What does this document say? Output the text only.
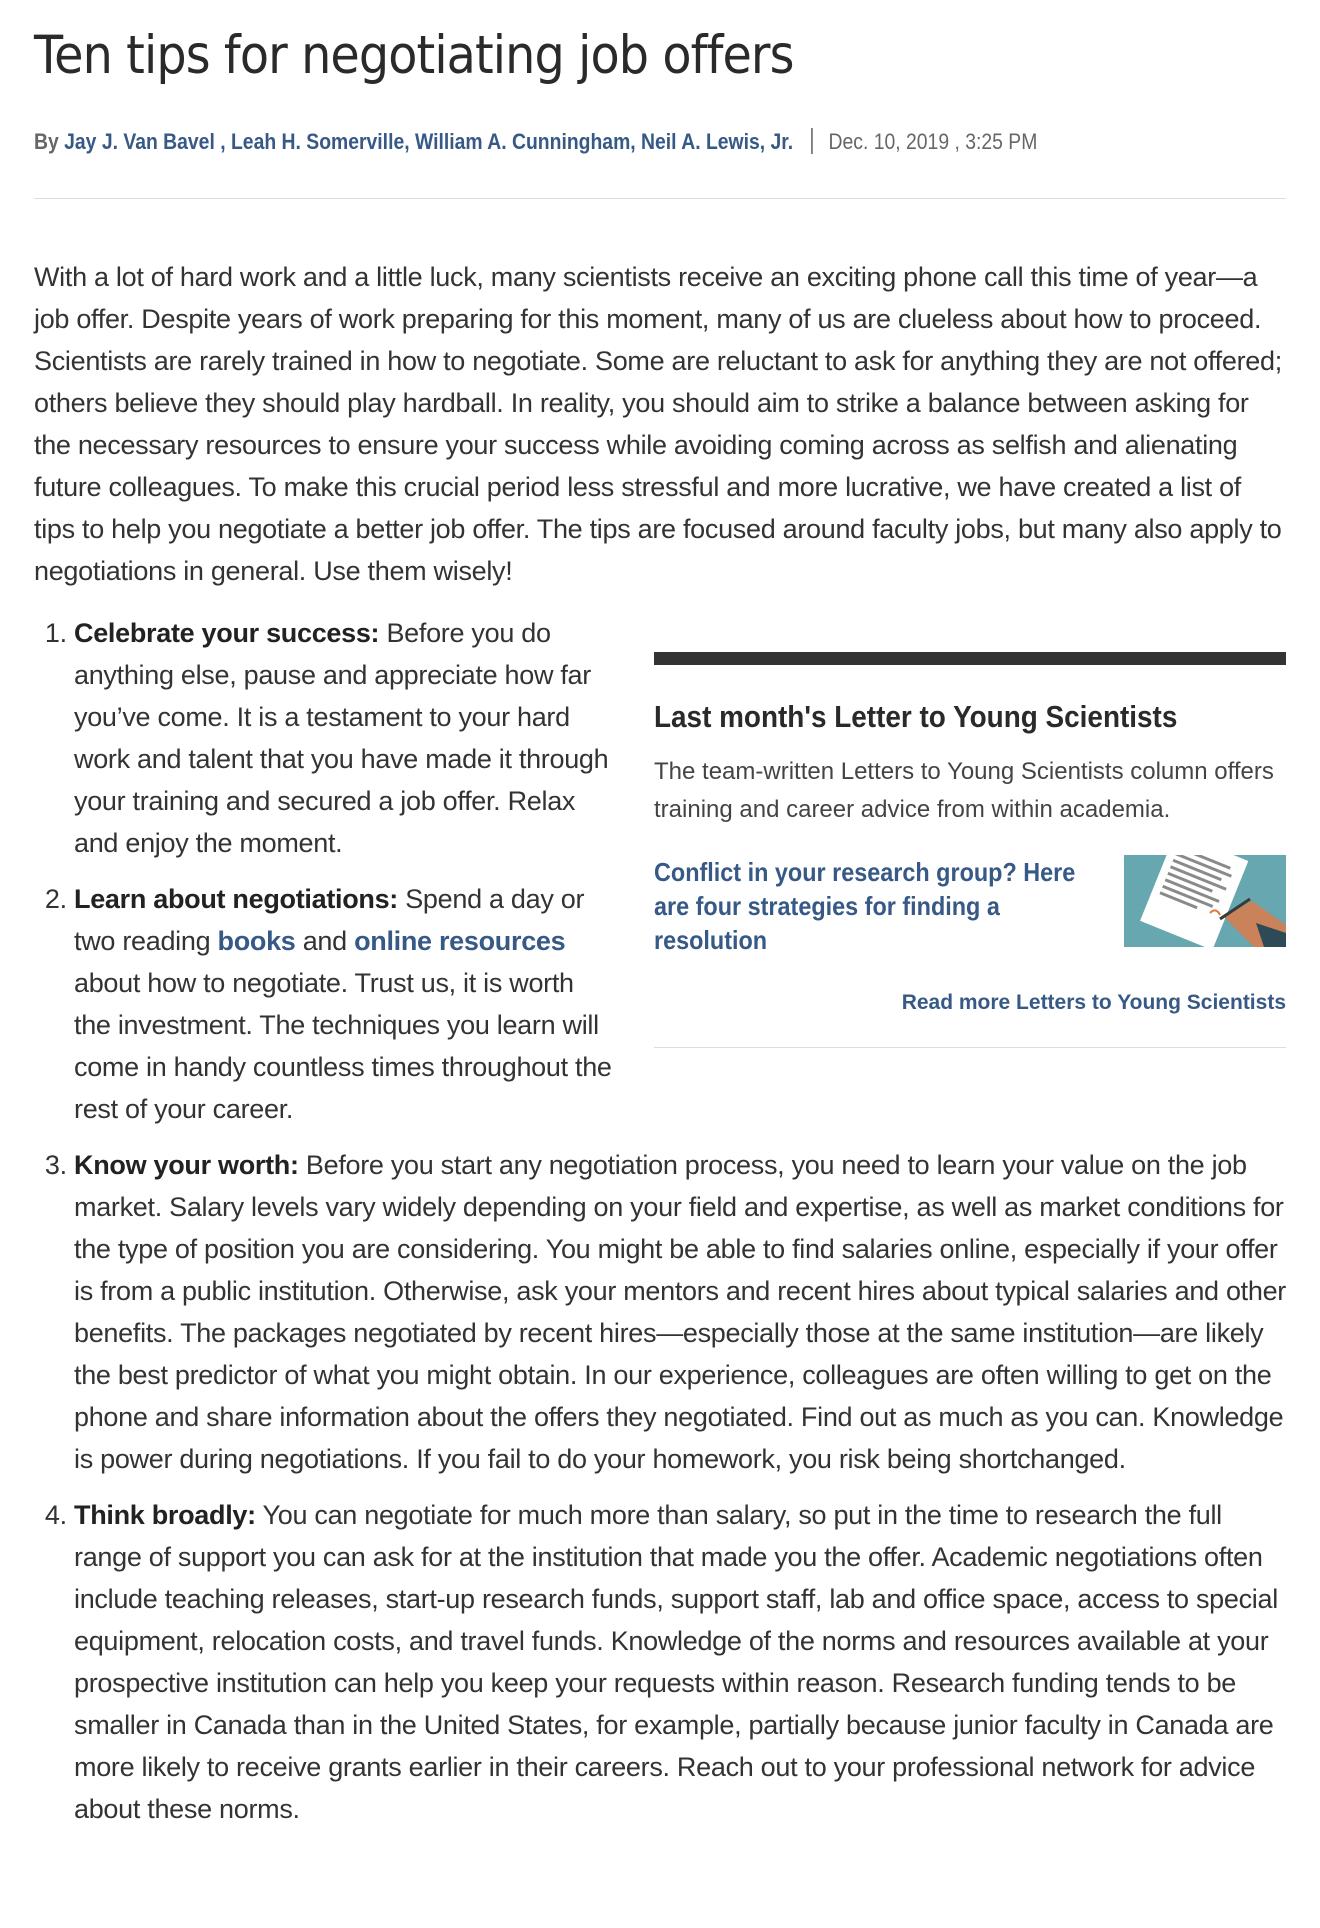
Ten tips for negotiating job offers
By Jay J. Van Bavel , Leah H. Somerville, William A. Cunningham, Neil A. Lewis, Jr. Dec. 10, 2019 , 3:25 PM

With a lot of hard work and a little luck, many scientists receive an exciting phone call this time of year—a job offer. Despite years of work preparing for this moment, many of us are clueless about how to proceed. Scientists are rarely trained in how to negotiate. Some are reluctant to ask for anything they are not offered; others believe they should play hardball. In reality, you should aim to strike a balance between asking for the necessary resources to ensure your success while avoiding coming across as selfish and alienating future colleagues. To make this crucial period less stressful and more lucrative, we have created a list of tips to help you negotiate a better job offer. The tips are focused around faculty jobs, but many also apply to negotiations in general. Use them wisely!

Last month's Letter to Young Scientists

The team-written Letters to Young Scientists column offers training and career advice from within academia.

Conflict in your research group? Here are four strategies for finding a resolution
Read more Letters to Young Scientists
1. Celebrate your success: Before you do anything else, pause and appreciate how far you’ve come. It is a testament to your hard work and talent that you have made it through your training and secured a job offer. Relax and enjoy the moment.
2. Learn about negotiations: Spend a day or two reading books and online resources about how to negotiate. Trust us, it is worth the investment. The techniques you learn will come in handy countless times throughout the rest of your career.
3. Know your worth: Before you start any negotiation process, you need to learn your value on the job market. Salary levels vary widely depending on your field and expertise, as well as market conditions for the type of position you are considering. You might be able to find salaries online, especially if your offer is from a public institution. Otherwise, ask your mentors and recent hires about typical salaries and other benefits. The packages negotiated by recent hires—especially those at the same institution—are likely the best predictor of what you might obtain. In our experience, colleagues are often willing to get on the phone and share information about the offers they negotiated. Find out as much as you can. Knowledge is power during negotiations. If you fail to do your homework, you risk being shortchanged.
4. Think broadly: You can negotiate for much more than salary, so put in the time to research the full range of support you can ask for at the institution that made you the offer. Academic negotiations often include teaching releases, start-up research funds, support staff, lab and office space, access to special equipment, relocation costs, and travel funds. Knowledge of the norms and resources available at your prospective institution can help you keep your requests within reason. Research funding tends to be smaller in Canada than in the United States, for example, partially because junior faculty in Canada are more likely to receive grants earlier in their careers. Reach out to your professional network for advice about these norms.
